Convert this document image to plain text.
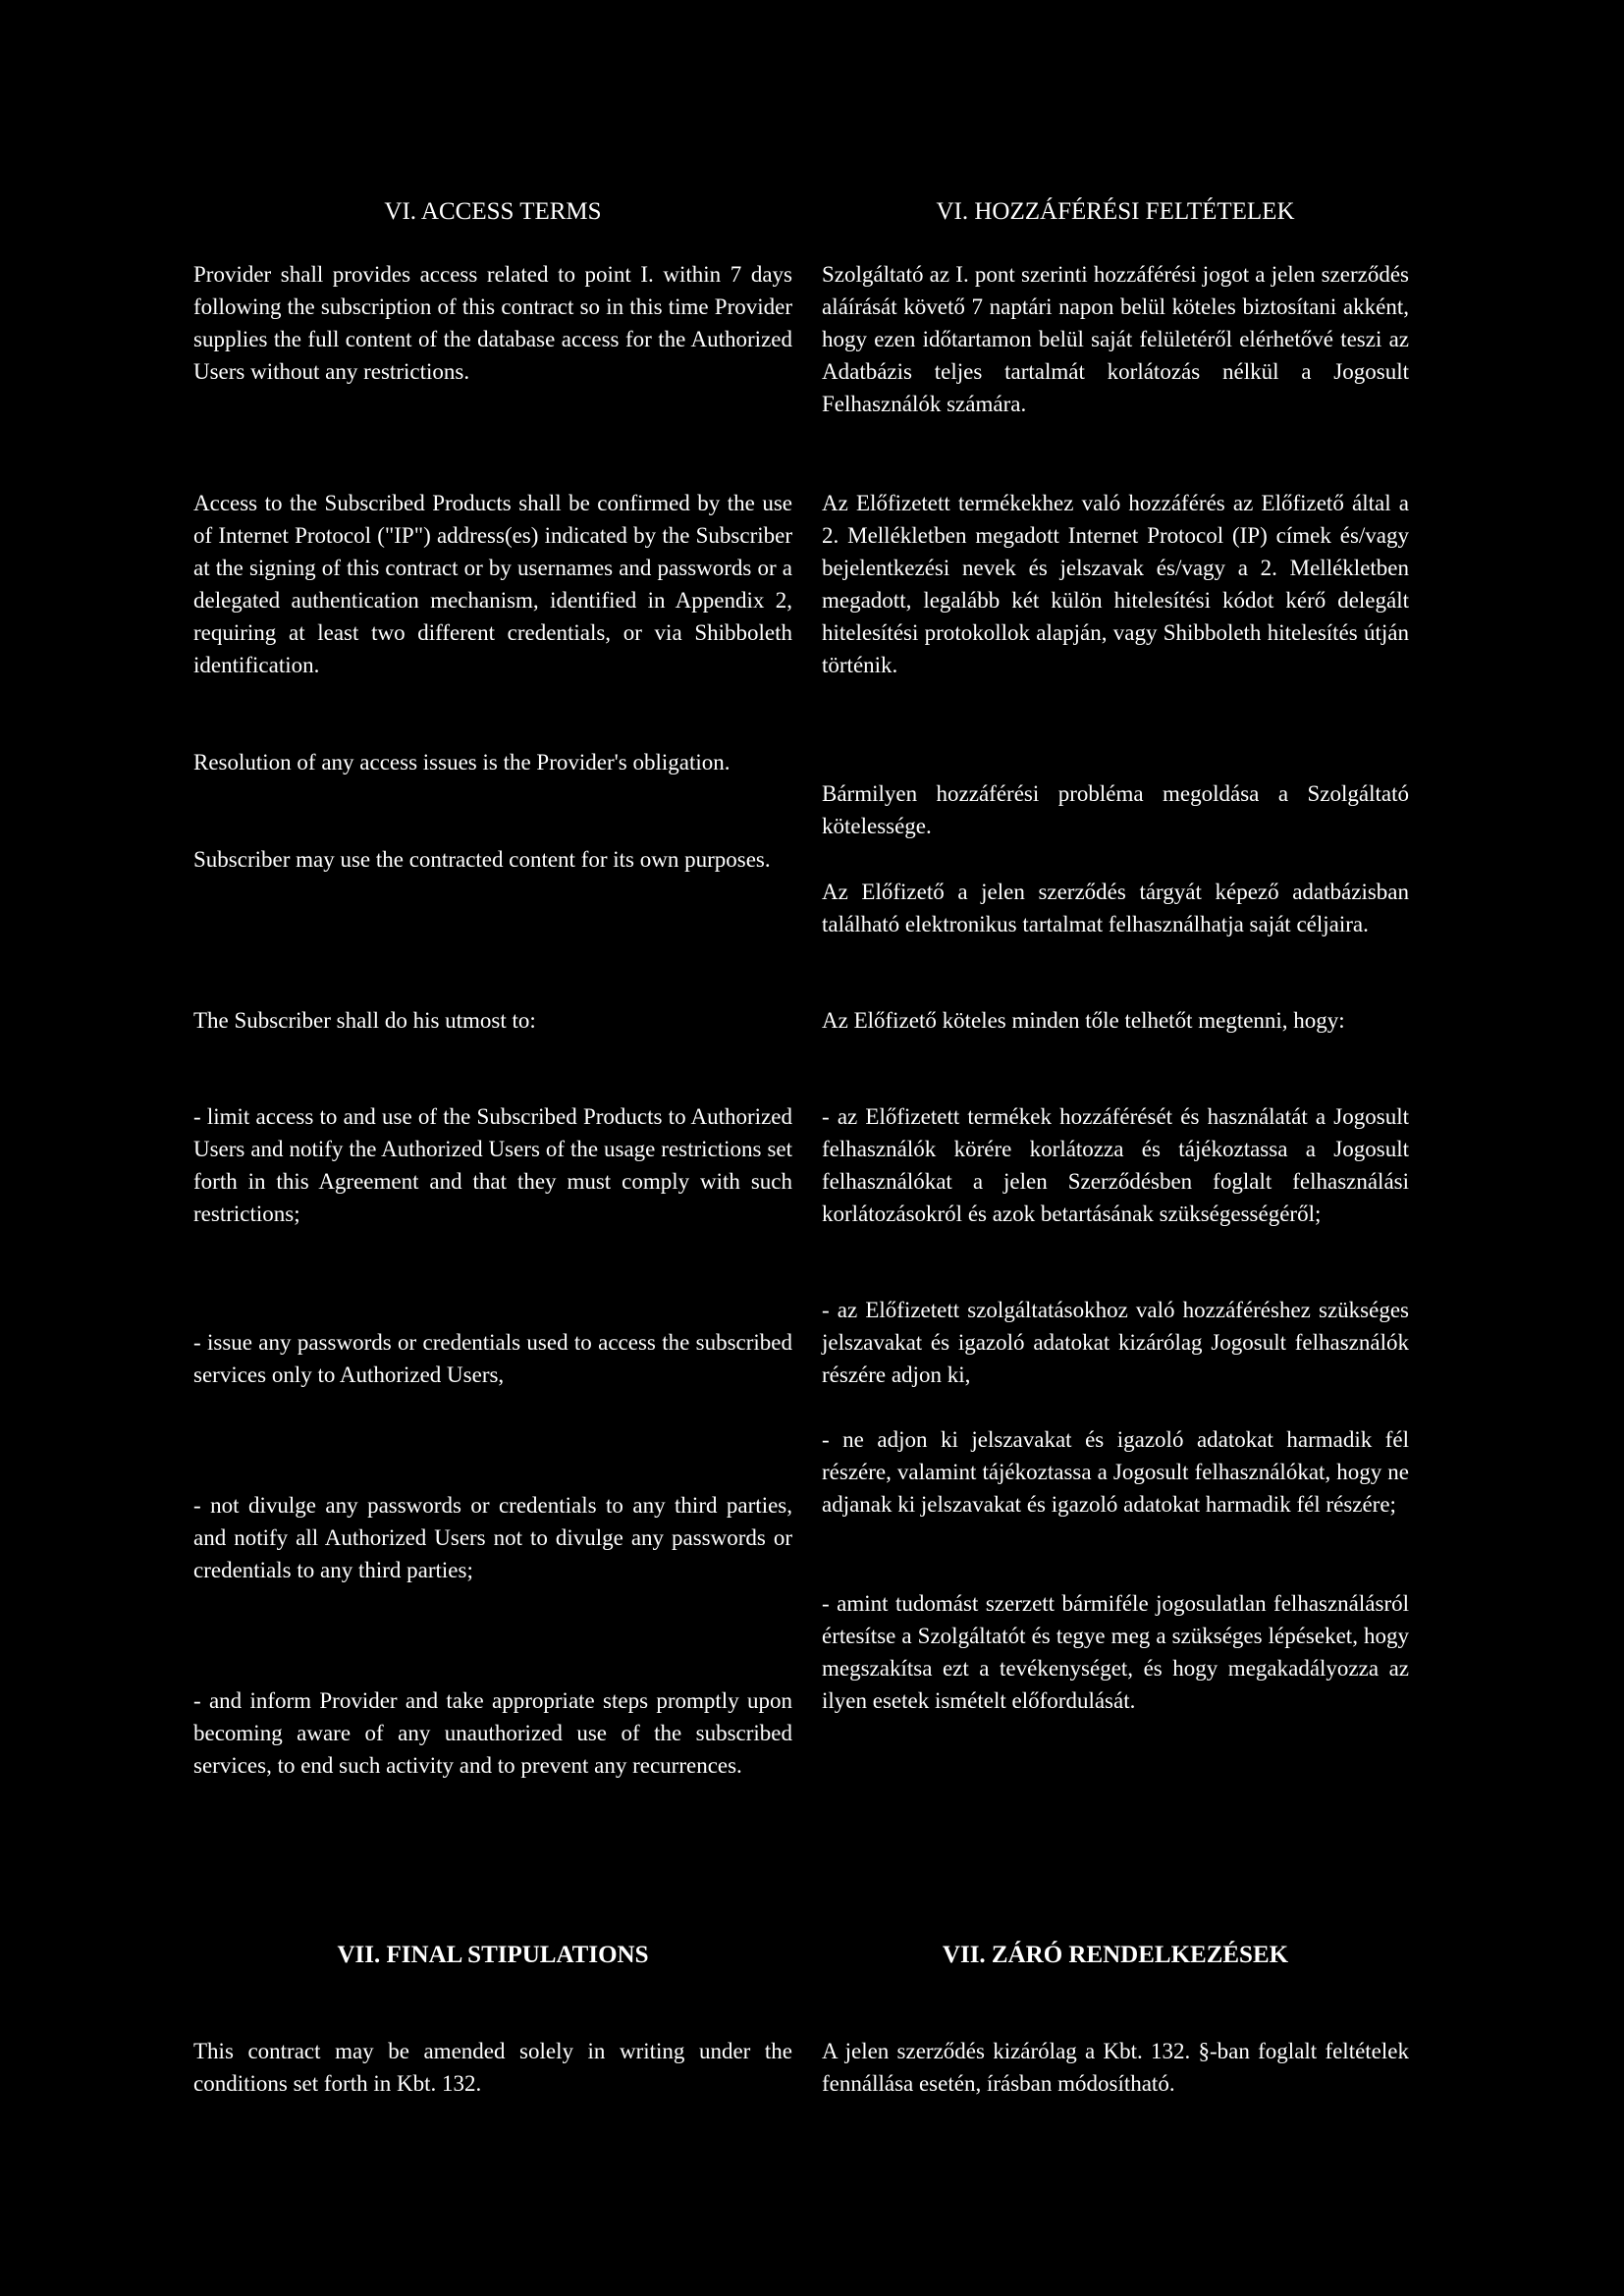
VI. ACCESS TERMS	VI. HOZZÁFÉRÉSI FELTÉTELEK

Provider shall provides access related to point I. within 7 days following the subscription of this contract so in this time Provider supplies the full content of the database access for the Authorized Users without any restrictions.

Access to the Subscribed Products shall be confirmed by the use of Internet Protocol ("IP") address(es) indicated by the Subscriber at the signing of this contract or by usernames and passwords or a delegated authentication mechanism, identified in Appendix 2, requiring at least two different credentials, or via Shibboleth identification.

Resolution of any access issues is the Provider's obligation.

Subscriber may use the contracted content for its own purposes.

The Subscriber shall do his utmost to:

- limit access to and use of the Subscribed Products to Authorized Users and notify the Authorized Users of the usage restrictions set forth in this Agreement and that they must comply with such restrictions;

- issue any passwords or credentials used to access the subscribed services only to Authorized Users,

- not divulge any passwords or credentials to any third parties, and notify all Authorized Users not to divulge any passwords or credentials to any third parties;

- and inform Provider and take appropriate steps promptly upon becoming aware of any unauthorized use of the subscribed services, to end such activity and to prevent any recurrences.

Szolgáltató az I. pont szerinti hozzáférési jogot a jelen szerződés aláírását követő 7 naptári napon belül köteles biztosítani akként, hogy ezen időtartamon belül saját felületéről elérhetővé teszi az Adatbázis teljes tartalmát korlátozás nélkül a Jogosult Felhasználók számára.

Az Előfizetett termékekhez való hozzáférés az Előfizető által a 2. Mellékletben megadott Internet Protocol (IP) címek és/vagy bejelentkezési nevek és jelszavak és/vagy a 2. Mellékletben megadott, legalább két külön hitelesítési kódot kérő delegált hitelesítési protokollok alapján, vagy Shibboleth hitelesítés útján történik.

Bármilyen hozzáférési probléma megoldása a Szolgáltató kötelessége.

Az Előfizető a jelen szerződés tárgyát képező adatbázisban található elektronikus tartalmat felhasználhatja saját céljaira.

Az Előfizető köteles minden tőle telhetőt megtenni, hogy:

- az Előfizetett termékek hozzáférését és használatát a Jogosult felhasználók körére korlátozza és tájékoztassa a Jogosult felhasználókat a jelen Szerződésben foglalt felhasználási korlátozásokról és azok betartásának szükségességéről;

- az Előfizetett szolgáltatásokhoz való hozzáféréshez szükséges jelszavakat és igazoló adatokat kizárólag Jogosult felhasználók részére adjon ki,

- ne adjon ki jelszavakat és igazoló adatokat harmadik fél részére, valamint tájékoztassa a Jogosult felhasználókat, hogy ne adjanak ki jelszavakat és igazoló adatokat harmadik fél részére;

- amint tudomást szerzett bármiféle jogosulatlan felhasználásról értesítse a Szolgáltatót és tegye meg a szükséges lépéseket, hogy megszakítsa ezt a tevékenységet, és hogy megakadályozza az ilyen esetek ismételt előfordulását.

VII. FINAL STIPULATIONS	VII. ZÁRÓ RENDELKEZÉSEK

This contract may be amended solely in writing under the conditions set forth in Kbt. 132.

A jelen szerződés kizárólag a Kbt. 132. §-ban foglalt feltételek fennállása esetén, írásban módosítható.
